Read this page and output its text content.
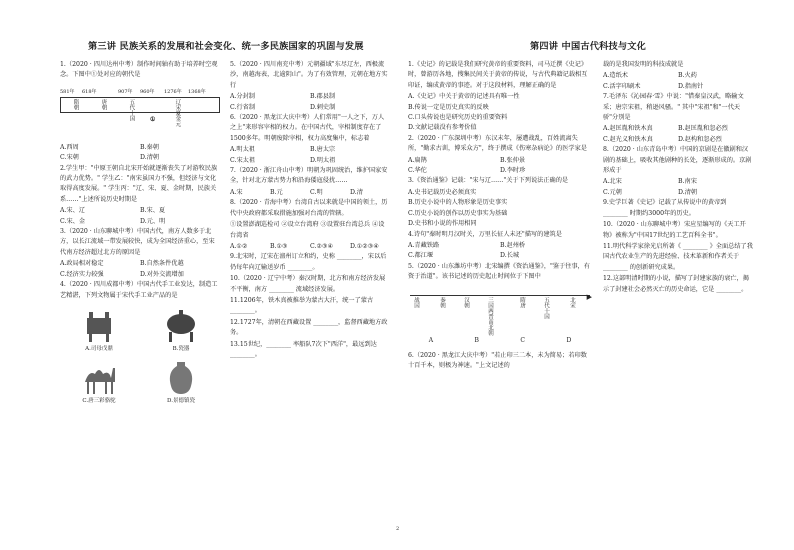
第三讲 民族关系的发展和社会变化、统一多民族国家的巩固与发展	第四讲 中国古代科技与文化

1.（2020 · 四川达州中考）制作时间轴有助于培养时空观念。下图中①处对应的朝代是

581年 618年	907年 960年 1276年 1368年
隋朝	唐朝	五代十国	辽宋夏金元
①
A.西周	B.秦朝
C.宋朝	D.清朝

2.学生甲："中原王朝自北宋开始就逐渐丧失了对游牧民族的武力优势。" 学生乙："南宋虽国力不强，但经济与文化取得高度发展。" 学生丙："辽、宋、夏、金时期，民族关系……"上述所说历史时期是

A.宋、辽	B.宋、夏
C.宋、金	D.元、明

3.（2020 · 山东聊城中考）中国古代，南方人数多于北方，以长江流域一带发展较快，成为全国经济重心，至宋代南方经济超过北方的原因是

A.政局相对稳定	B.自然条件优越
C.经济实力较强	D.对外交流增加

4.（2020 · 四川成都中考）中国古代手工业发达，制造工艺精湛，下列文物属于宋代手工业产品的是

A.司母戊鼎	B.瓷器
C.唐三彩骆驼	D.景德镇瓷

5.（2020 · 四川南充中考）元朝疆域"东尽辽左，西极流沙，南越海表，北逾阴山"。为了有效管理，元朝在地方实行

A.分封制	B.郡县制
C.行省制	D.刺史制

6.（2020 · 黑龙江大庆中考）人们常用"一人之下，万人之上"来形容宰相的权力。在中国古代，宰相制度存在了1500多年。明朝废除宰相，权力高度集中，标志着

A.明太祖	B.唐太宗
C.宋太祖	D.明太祖

7.（2020 · 浙江舟山中考）明朝为巩固统治，维护国家安全，针对北方蒙古势力和沿海倭寇侵扰……

A.宋	B.元	C.明	D.清

8.（2020 · 青海中考）台湾自古以来就是中国的领土，历代中央政府都采取措施加强对台湾的管辖。

①设置澎湖巡检司 ②设立台湾府 ③设置驻台湾总兵 ④设台湾省

A.①②	B.①③	C.②③④	D.①②③④

9.北宋时，辽宋在澶州订立和约，史称 ________，宋以后仍每年向辽输送岁币 ________。

10.（2020 · 辽宁中考）秦汉时期，北方和南方经济发展不平衡，南方 ________ 流域经济发展。

11.1206年，铁木真被推举为蒙古大汗，统一了蒙古 ________。

12.1727年，清朝在西藏设置 ________，监督西藏地方政务。

13.15世纪，________ 率船队7次下"西洋"，最远到达 ________。

1.《史记》的记载是我们研究黄帝的重要资料，司马迁撰《史记》时，曾游历各地，搜集民间关于黄帝的传说，与古代典籍记载相互印证，编成黄帝的事迹。对于这段材料，理解正确的是

A.《史记》中关于黄帝的记述具有唯一性
B.传说一定是历史真实的反映
C.口头传说也是研究历史的重要资料
D.文献记载没有参考价值

2.（2020 · 广东深圳中考）东汉末年，屡遭战乱，百姓流离失所，"勤求古训，博采众方"，终于撰成《伤寒杂病论》的医学家是

A.扁鹊	B.张仲景
C.华佗	D.李时珍

3.《资治通鉴》记载："宋与辽……"关于下列说法正确的是

A.史书记载历史必须真实
B.历史小说中的人物形象是历史事实
C.历史小说的创作以历史事实为基础
D.史书和小说的作用相同

4.诗句"秦时明月汉时关，万里长征人未还"描写的建筑是

A.青藏铁路	B.赵州桥
C.都江堰	D.长城

5.（2020 · 山东潍坊中考）北宋编撰《资治通鉴》，"鉴于往事，有资于治道"。该书记述的历史起止时间位于下图中

▶
战国	秦朝	汉朝	三国两晋南北朝	隋唐	五代十国	北宋
A	B	C	D

6.（2020 · 黑龙江大庆中考）"若止印三二本，未为简易；若印数十百千本，则极为神速。"上文记述的

载的是我国发明的科技成就是

A.造纸术	B.火药
C.活字印刷术	D.指南针

7.毛泽东《沁园春·雪》中说："惜秦皇汉武，略输文采；唐宗宋祖，稍逊风骚。" 其中"宋祖"和"一代天骄"分别是

A.赵匡胤和铁木真	B.赵匡胤和忽必烈
C.赵光义和铁木真	D.赵构和忽必烈

8.（2020 · 山东青岛中考）中国的京剧是在徽剧和汉剧的基础上，吸收其他剧种的长处，逐渐形成的。京剧形成于

A.北宋	B.南宋
C.元朝	D.清朝

9.史学巨著《史记》记载了从传说中的黄帝到 ________ 时期约3000年的历史。

10.（2020 · 山东聊城中考）宋应星编写的《天工开物》被称为"中国17世纪的工艺百科全书"。

11.明代科学家徐光启所著《 ________ 》全面总结了我国古代农业生产的先进经验、技术革新和作者关于 ________ 的创新研究成果。

12.这部明清时期的小说，描写了封建家族的衰亡，揭示了封建社会必然灭亡的历史命运，它是 ________。

2
